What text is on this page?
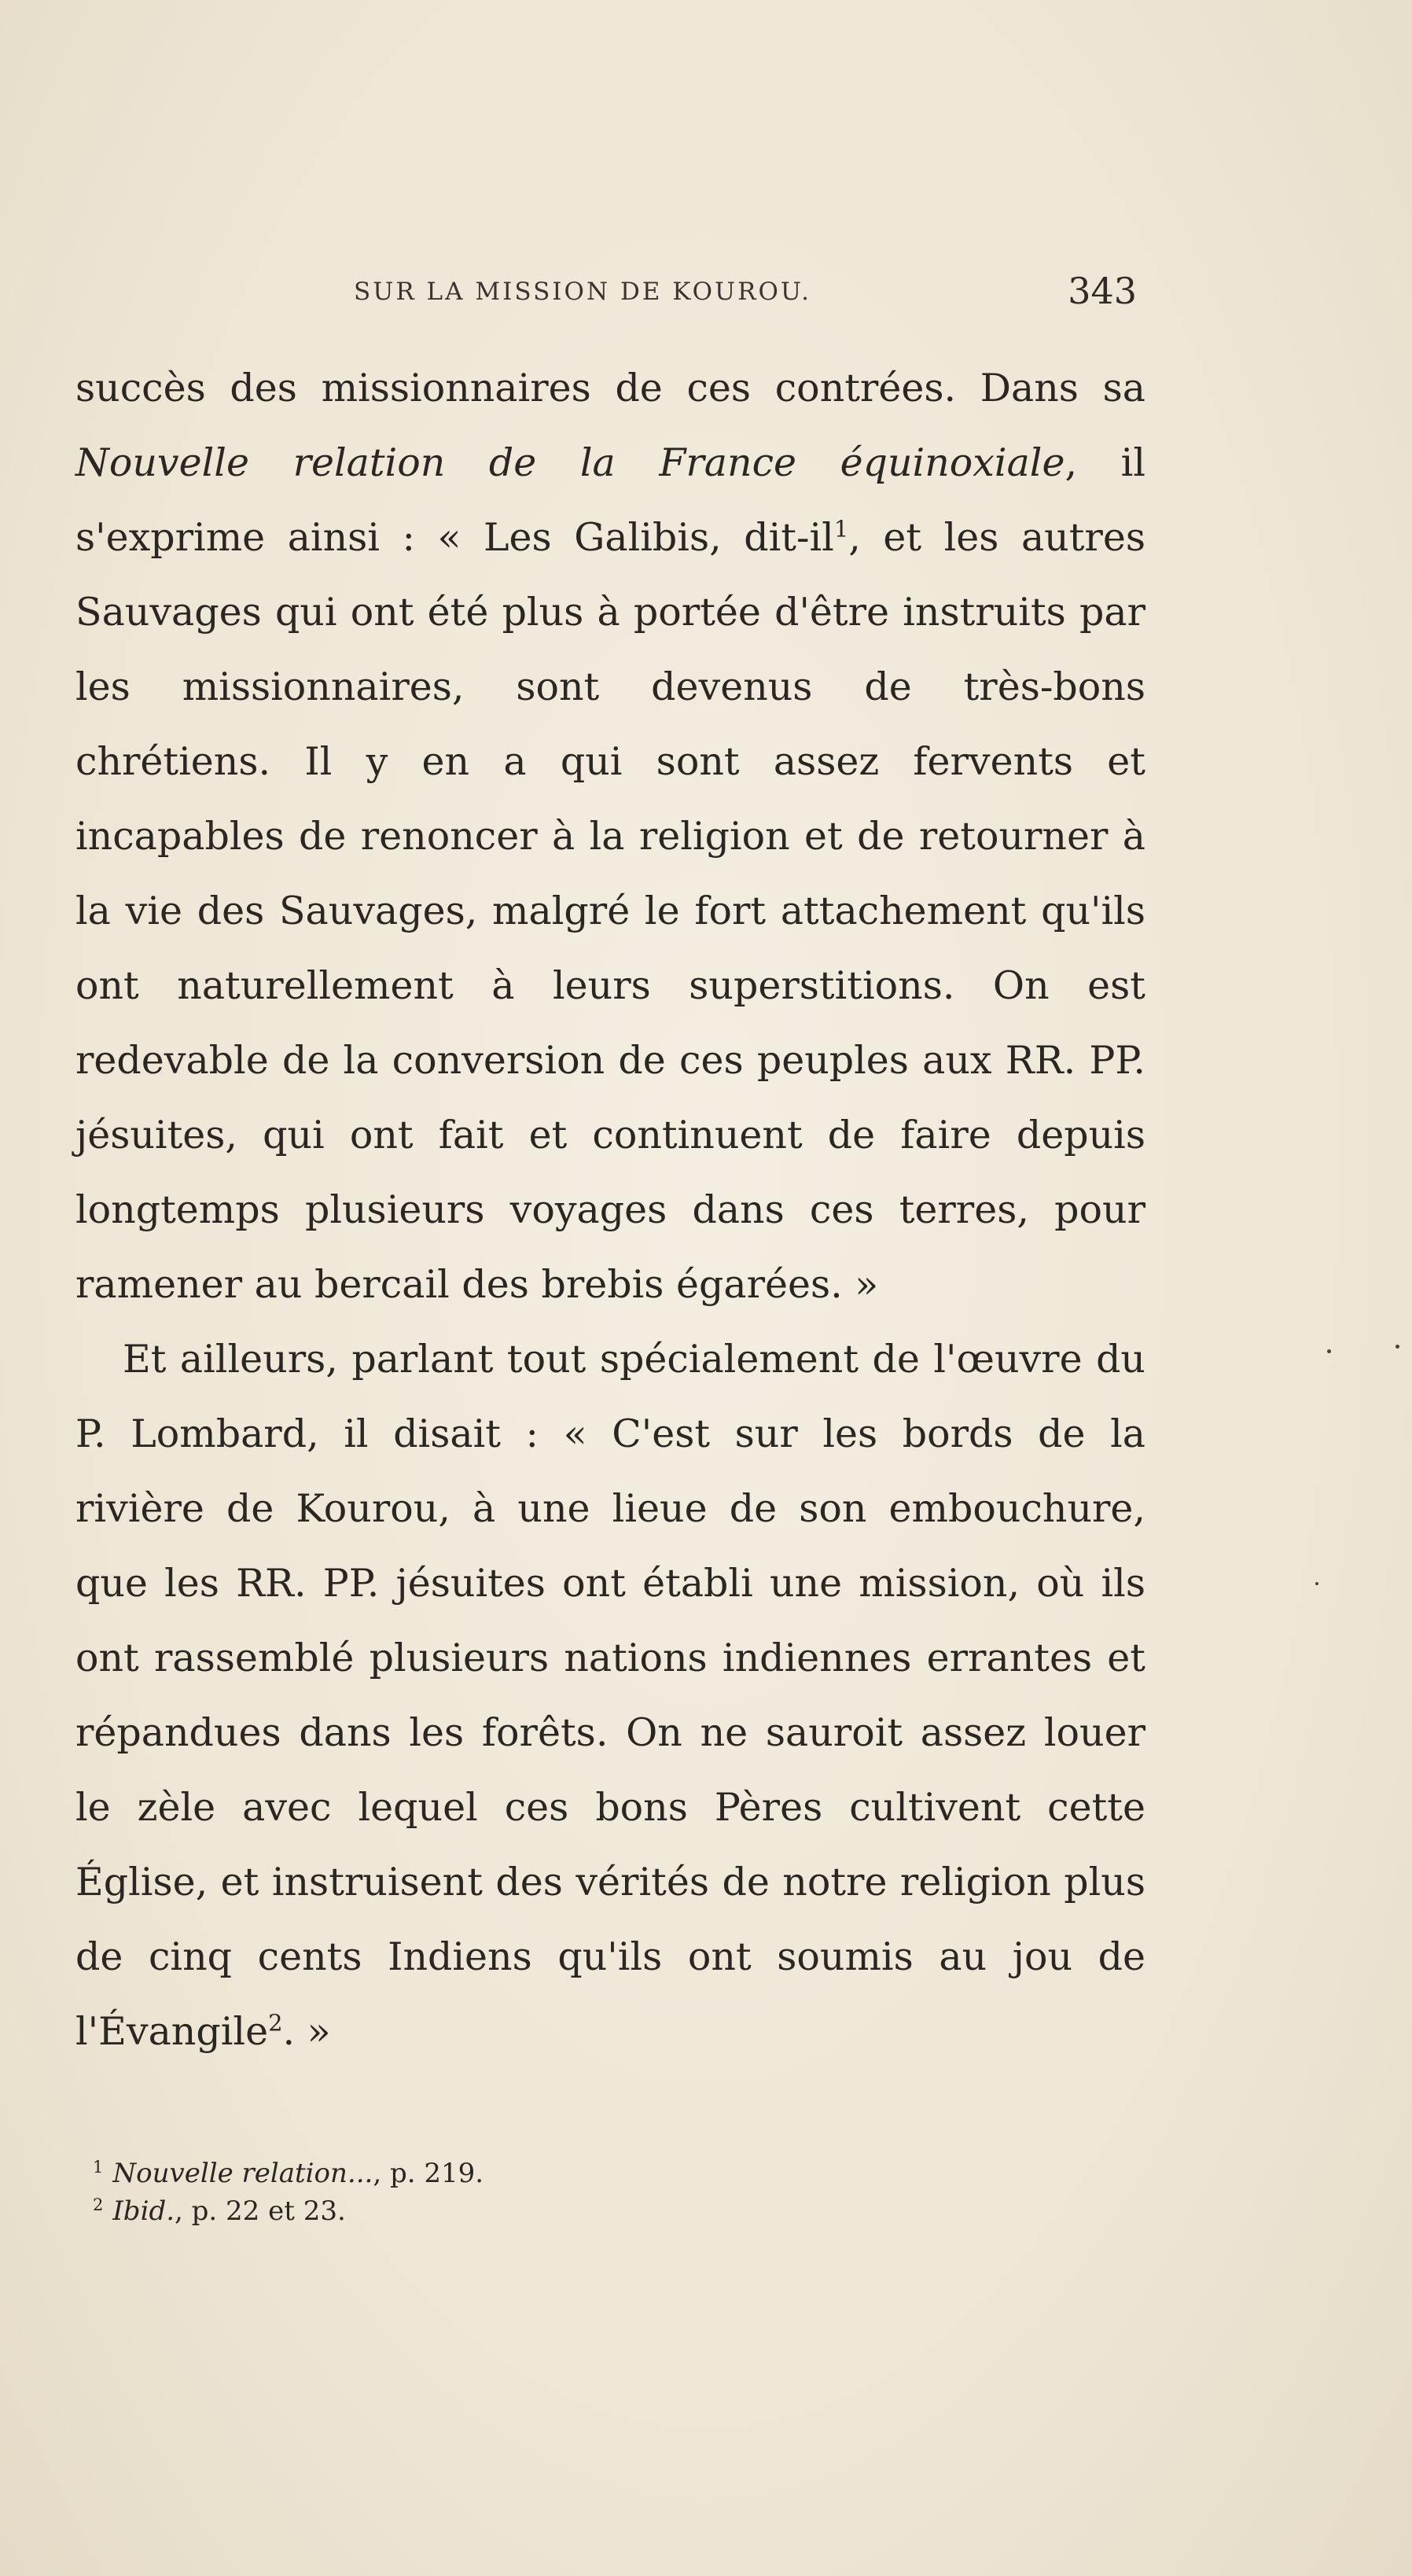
SUR LA MISSION DE KOUROU.	343

succès des missionnaires de ces contrées. Dans sa Nouvelle relation de la France équinoxiale, il s'exprime ainsi : « Les Galibis, dit-il$^1$, et les autres Sauvages qui ont été plus à portée d'être instruits par les missionnaires, sont devenus de très-bons chrétiens. Il y en a qui sont assez fervents et incapables de renoncer à la religion et de retourner à la vie des Sauvages, malgré le fort attachement qu'ils ont naturellement à leurs superstitions. On est redevable de la conversion de ces peuples aux RR. PP. jésuites, qui ont fait et continuent de faire depuis longtemps plusieurs voyages dans ces terres, pour ramener au bercail des brebis égarées. »

Et ailleurs, parlant tout spécialement de l'œuvre du P. Lombard, il disait : « C'est sur les bords de la rivière de Kourou, à une lieue de son embouchure, que les RR. PP. jésuites ont établi une mission, où ils ont rassemblé plusieurs nations indiennes errantes et répandues dans les forêts. On ne sauroit assez louer le zèle avec lequel ces bons Pères cultivent cette Église, et instruisent des vérités de notre religion plus de cinq cents Indiens qu'ils ont soumis au jou de l'Évangile$^2$. »

$^1$ Nouvelle relation..., p. 219.
$^2$ Ibid., p. 22 et 23.
